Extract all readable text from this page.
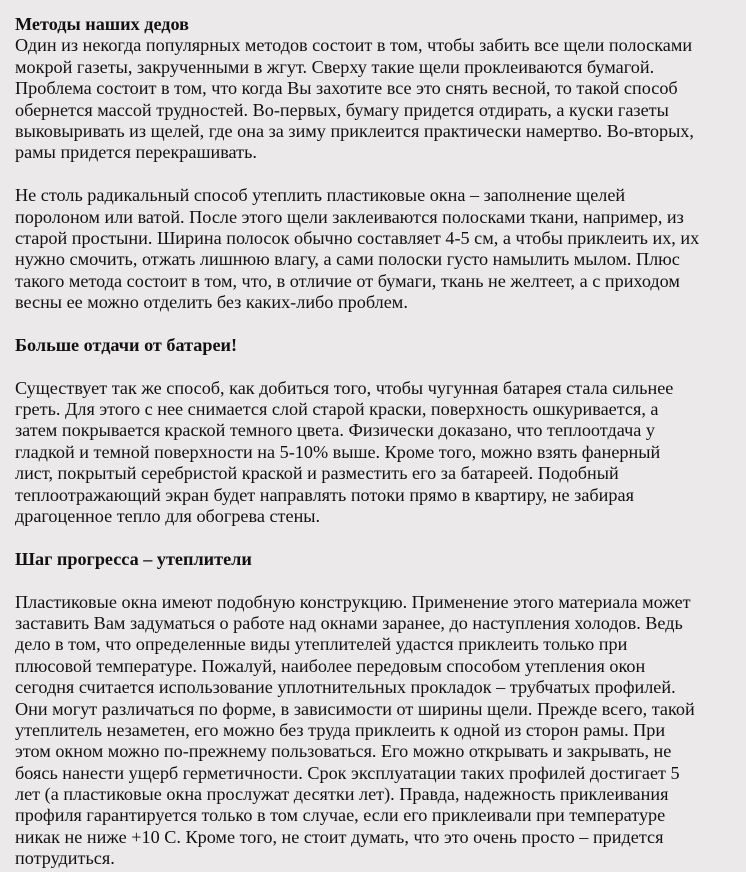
Методы наших дедов
Один из некогда популярных методов состоит в том, чтобы забить все щели полосками
мокрой газеты, закрученными в жгут. Сверху такие щели проклеиваются бумагой.
Проблема состоит в том, что когда Вы захотите все это снять весной, то такой способ
обернется массой трудностей. Во-первых, бумагу придется отдирать, а куски газеты
выковыривать из щелей, где она за зиму приклеится практически намертво. Во-вторых,
рамы придется перекрашивать.
Не столь радикальный способ утеплить пластиковые окна – заполнение щелей
поролоном или ватой. После этого щели заклеиваются полосками ткани, например, из
старой простыни. Ширина полосок обычно составляет 4-5 см, а чтобы приклеить их, их
нужно смочить, отжать лишнюю влагу, а сами полоски густо намылить мылом. Плюс
такого метода состоит в том, что, в отличие от бумаги, ткань не желтеет, а с приходом
весны ее можно отделить без каких-либо проблем.
Больше отдачи от батареи!
Существует так же способ, как добиться того, чтобы чугунная батарея стала сильнее
греть. Для этого с нее снимается слой старой краски, поверхность ошкуривается, а
затем покрывается краской темного цвета. Физически доказано, что теплоотдача у
гладкой и темной поверхности на 5-10% выше. Кроме того, можно взять фанерный
лист, покрытый серебристой краской и разместить его за батареей. Подобный
теплоотражающий экран будет направлять потоки прямо в квартиру, не забирая
драгоценное тепло для обогрева стены.
Шаг прогресса – утеплители
Пластиковые окна имеют подобную конструкцию. Применение этого материала может
заставить Вам задуматься о работе над окнами заранее, до наступления холодов. Ведь
дело в том, что определенные виды утеплителей удастся приклеить только при
плюсовой температуре. Пожалуй, наиболее передовым способом утепления окон
сегодня считается использование уплотнительных прокладок – трубчатых профилей.
Они могут различаться по форме, в зависимости от ширины щели. Прежде всего, такой
утеплитель незаметен, его можно без труда приклеить к одной из сторон рамы. При
этом окном можно по-прежнему пользоваться. Его можно открывать и закрывать, не
боясь нанести ущерб герметичности. Срок эксплуатации таких профилей достигает 5
лет (а пластиковые окна прослужат десятки лет). Правда, надежность приклеивания
профиля гарантируется только в том случае, если его приклеивали при температуре
никак не ниже +10 С. Кроме того, не стоит думать, что это очень просто – придется
потрудиться.
